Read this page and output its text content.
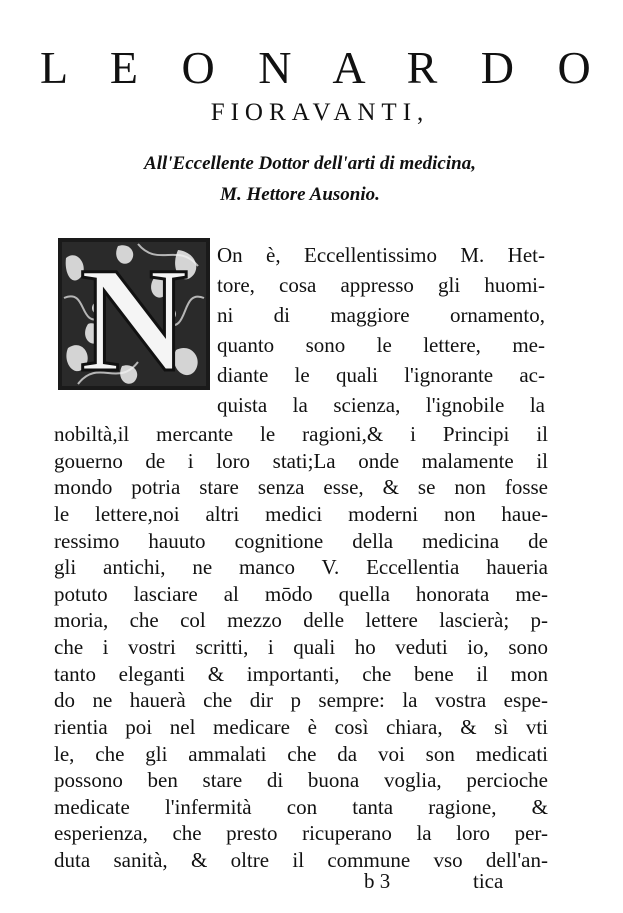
L E O N A R D O
FIORAVANTI,
All'Eccellente Dottor dell'arti di medicina,
M. Hettore Ausonio.
N On è, Eccellentissimo M. Het-
tore, cosa appresso gli huomi-
ni di maggiore ornamento,
quanto sono le lettere, me-
diante le quali l'ignorante ac-
quista la scienza, l'ignobile la
b 3	tica
nobiltà,il mercante le ragioni,& i Principi il
gouerno de i loro stati;La onde malamente il
mondo potria stare senza esse, & se non fosse
le lettere,noi altri medici moderni non haue-
ressimo hauuto cognitione della medicina de
gli antichi, ne manco V. Eccellentia haueria
potuto lasciare al mōdo quella honorata me-
moria, che col mezzo delle lettere lascierà; p-
che i vostri scritti, i quali ho veduti io, sono
tanto eleganti & importanti, che bene il mon
do ne hauerà che dir p sempre: la vostra espe-
rientia poi nel medicare è così chiara, & sì vti
le, che gli ammalati che da voi son medicati
possono ben stare di buona voglia, percioche
medicate l'infermità con tanta ragione, &
esperienza, che presto ricuperano la loro per-
duta sanità, & oltre il commune vso dell'an-
